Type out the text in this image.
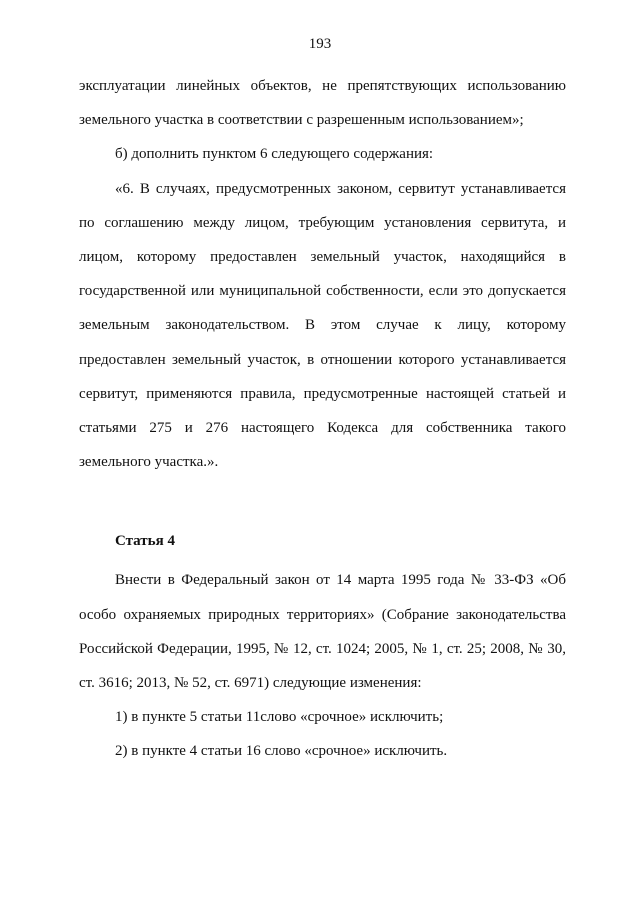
193

эксплуатации линейных объектов, не препятствующих использованию

земельного участка в соответствии с разрешенным использованием»;

б) дополнить пунктом 6 следующего содержания:

«6. В случаях, предусмотренных законом, сервитут устанавливается

по соглашению между лицом, требующим установления сервитута, и

лицом, которому предоставлен земельный участок, находящийся в

государственной или муниципальной собственности, если это допускается

земельным законодательством. В этом случае к лицу, которому

предоставлен земельный участок, в отношении которого устанавливается

сервитут, применяются правила, предусмотренные настоящей статьей и

статьями 275 и 276 настоящего Кодекса для собственника такого

земельного участка.».

Статья 4

Внести в Федеральный закон от 14 марта 1995 года № 33-ФЗ «Об

особо охраняемых природных территориях» (Собрание законодательства

Российской Федерации, 1995, № 12, ст. 1024; 2005, № 1, ст. 25; 2008, № 30,

ст. 3616; 2013, № 52, ст. 6971) следующие изменения:

1) в пункте 5 статьи 11слово «срочное» исключить;

2) в пункте 4 статьи 16 слово «срочное» исключить.
